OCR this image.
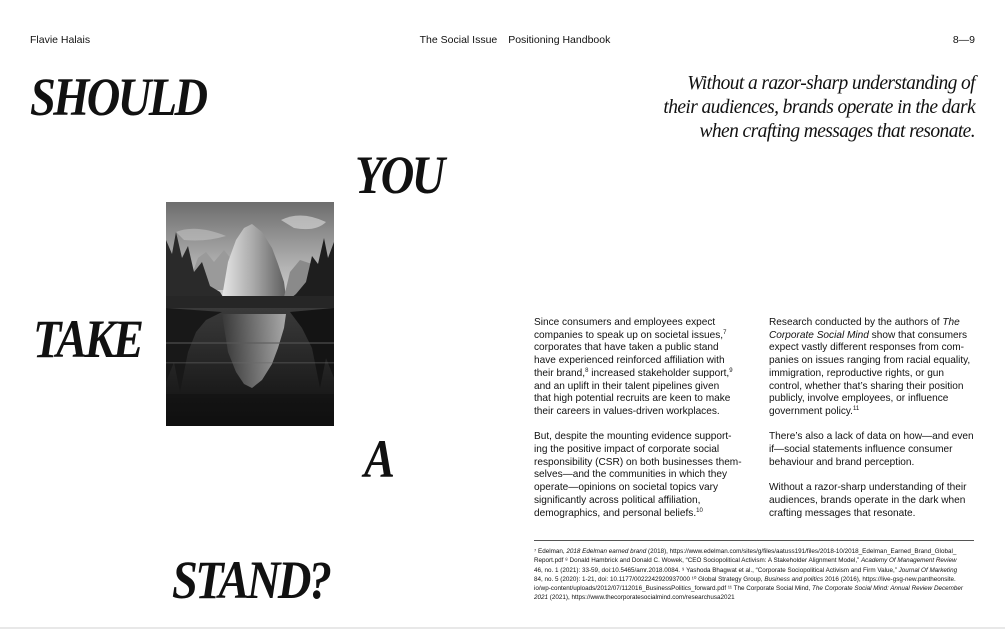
Flavie Halais	The Social Issue Positioning Handbook	8—9
SHOULD
YOU
TAKE
A
STAND?
Without a razor-sharp understanding of
their audiences, brands operate in the dark
when crafting messages that resonate.

Since consumers and employees expect
companies to speak up on societal issues,$^7$
corporates that have taken a public stand
have experienced reinforced affiliation with
their brand,$^8$ increased stakeholder support,$^9$
and an uplift in their talent pipelines given
that high potential recruits are keen to make
their careers in values-driven workplaces.

But, despite the mounting evidence support-
ing the positive impact of corporate social
responsibility (CSR) on both businesses them-
selves—and the communities in which they
operate—opinions on societal topics vary
significantly across political affiliation,
demographics, and personal beliefs.$^{10}$

Research conducted by the authors of The
Corporate Social Mind show that consumers
expect vastly different responses from com-
panies on issues ranging from racial equality,
immigration, reproductive rights, or gun
control, whether that’s sharing their position
publicly, involve employees, or influence
government policy.$^{11}$

There’s also a lack of data on how—and even
if—social statements influence consumer
behaviour and brand perception.

Without a razor-sharp understanding of their
audiences, brands operate in the dark when
crafting messages that resonate.

⁷ Edelman, 2018 Edelman earned brand (2018), https://www.edelman.com/sites/g/files/aatuss191/files/2018-10/2018_Edelman_Earned_Brand_Global_
Report.pdf ⁸ Donald Hambrick and Donald C. Wowek, “CEO Sociopolitical Activism: A Stakeholder Alignment Model,” Academy Of Management Review
46, no. 1 (2021): 33-59, doi:10.5465/amr.2018.0084. ⁹ Yashoda Bhagwat et al., “Corporate Sociopolitical Activism and Firm Value,” Journal Of Marketing
84, no. 5 (2020): 1-21, doi: 10.1177/0022242920937000 ¹⁰ Global Strategy Group, Business and politics 2016 (2016), https://live-gsg-new.pantheonsite.
io/wp-content/uploads/2012/07/112016_BusinessPolitics_forward.pdf ¹¹ The Corporate Social Mind, The Corporate Social Mind: Annual Review December
2021 (2021), https://www.thecorporatesocialmind.com/researchusa2021
